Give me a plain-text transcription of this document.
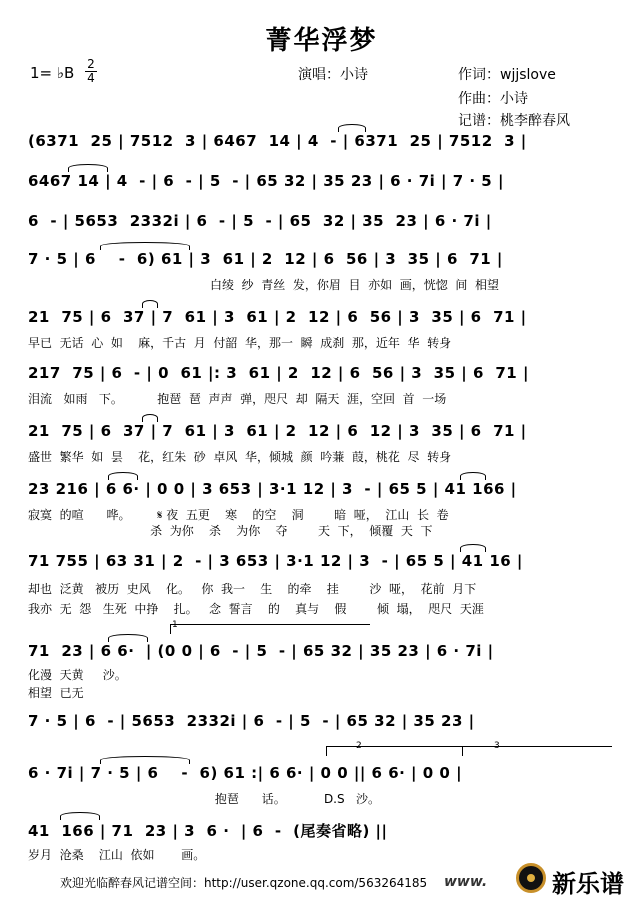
菁华浮梦
1= ♭B 2
4	演唱：小诗	作词：wjjslove
作曲：小诗
记谱：桃李醉春风
(6371  25 | 7512  3 | 6467  14 | 4  - | 6371  25 | 7512  3 |
6467 14 | 4  - | 6  - | 5  - | 65 32 | 35 23 | 6 · 7i | 7 · 5 |
6  - | 5653  2332i | 6  - | 5  - | 65  32 | 35  23 | 6 · 7i |
7 · 5 | 6    -  6) 61 | 3  61 | 2  12 | 6  56 | 3  35 | 6  71 |
白绫  纱  青丝  发，你眉  目  亦如  画，恍惚  间  相望
21  75 | 6  37 | 7  61 | 3  61 | 2  12 | 6  56 | 3  35 | 6  71 |
早已  无话  心  如    麻，千古  月  付韶  华，那一  瞬  成刹  那，近年  华  转身
217  75 | 6  - | 0  61 |: 3  61 | 2  12 | 6  56 | 3  35 | 6  71 |
泪流   如雨   下。         抱琶  琶  声声  弹，咫尺  却  隔天  涯，空回  首  一场
21  75 | 6  37 | 7  61 | 3  61 | 2  12 | 6  12 | 3  35 | 6  71 |
盛世  繁华  如  昙    花，红朱  砂  卓风  华，倾城  颜  吟蒹  葭，桃花  尽  转身
23 216 | 6 6· | 0 0 | 3 653 | 3·1 12 | 3  - | 65 5 | 41 166 |
寂寞  的喧      哗。       𝄋 夜  五更    寒    的空    洞        暗  哑，  江山  长  卷
杀  为你    杀    为你    夺        天  下，  倾覆  天  下
71 755 | 63 31 | 2  - | 3 653 | 3·1 12 | 3  - | 65 5 | 41 16 |
却也  泛黄   被历  史风    化。   你  我一    生    的牵    挂        沙  哑，  花前  月下
我亦  无  怨   生死  中挣    扎。   念  誓言    的    真与    假        倾  塌，  咫尺  天涯
1
71  23 | 6 6·  | (0 0 | 6  - | 5  - | 65 32 | 35 23 | 6 · 7i |
化漫  天黄     沙。
相望  已无
7 · 5 | 6  - | 5653  2332i | 6  - | 5  - | 65 32 | 35 23 |
2	3
6 · 7i | 7 · 5 | 6    -  6) 61 :| 6 6· | 0 0 || 6 6· | 0 0 |
抱琶      话。          D.S   沙。
41  166 | 71  23 | 3  6 ·  | 6  -  (尾奏省略) ||
岁月  沧桑    江山  依如       画。
欢迎光临醉春风记谱空间：http://user.qzone.qq.com/563264185 www.	新乐谱
